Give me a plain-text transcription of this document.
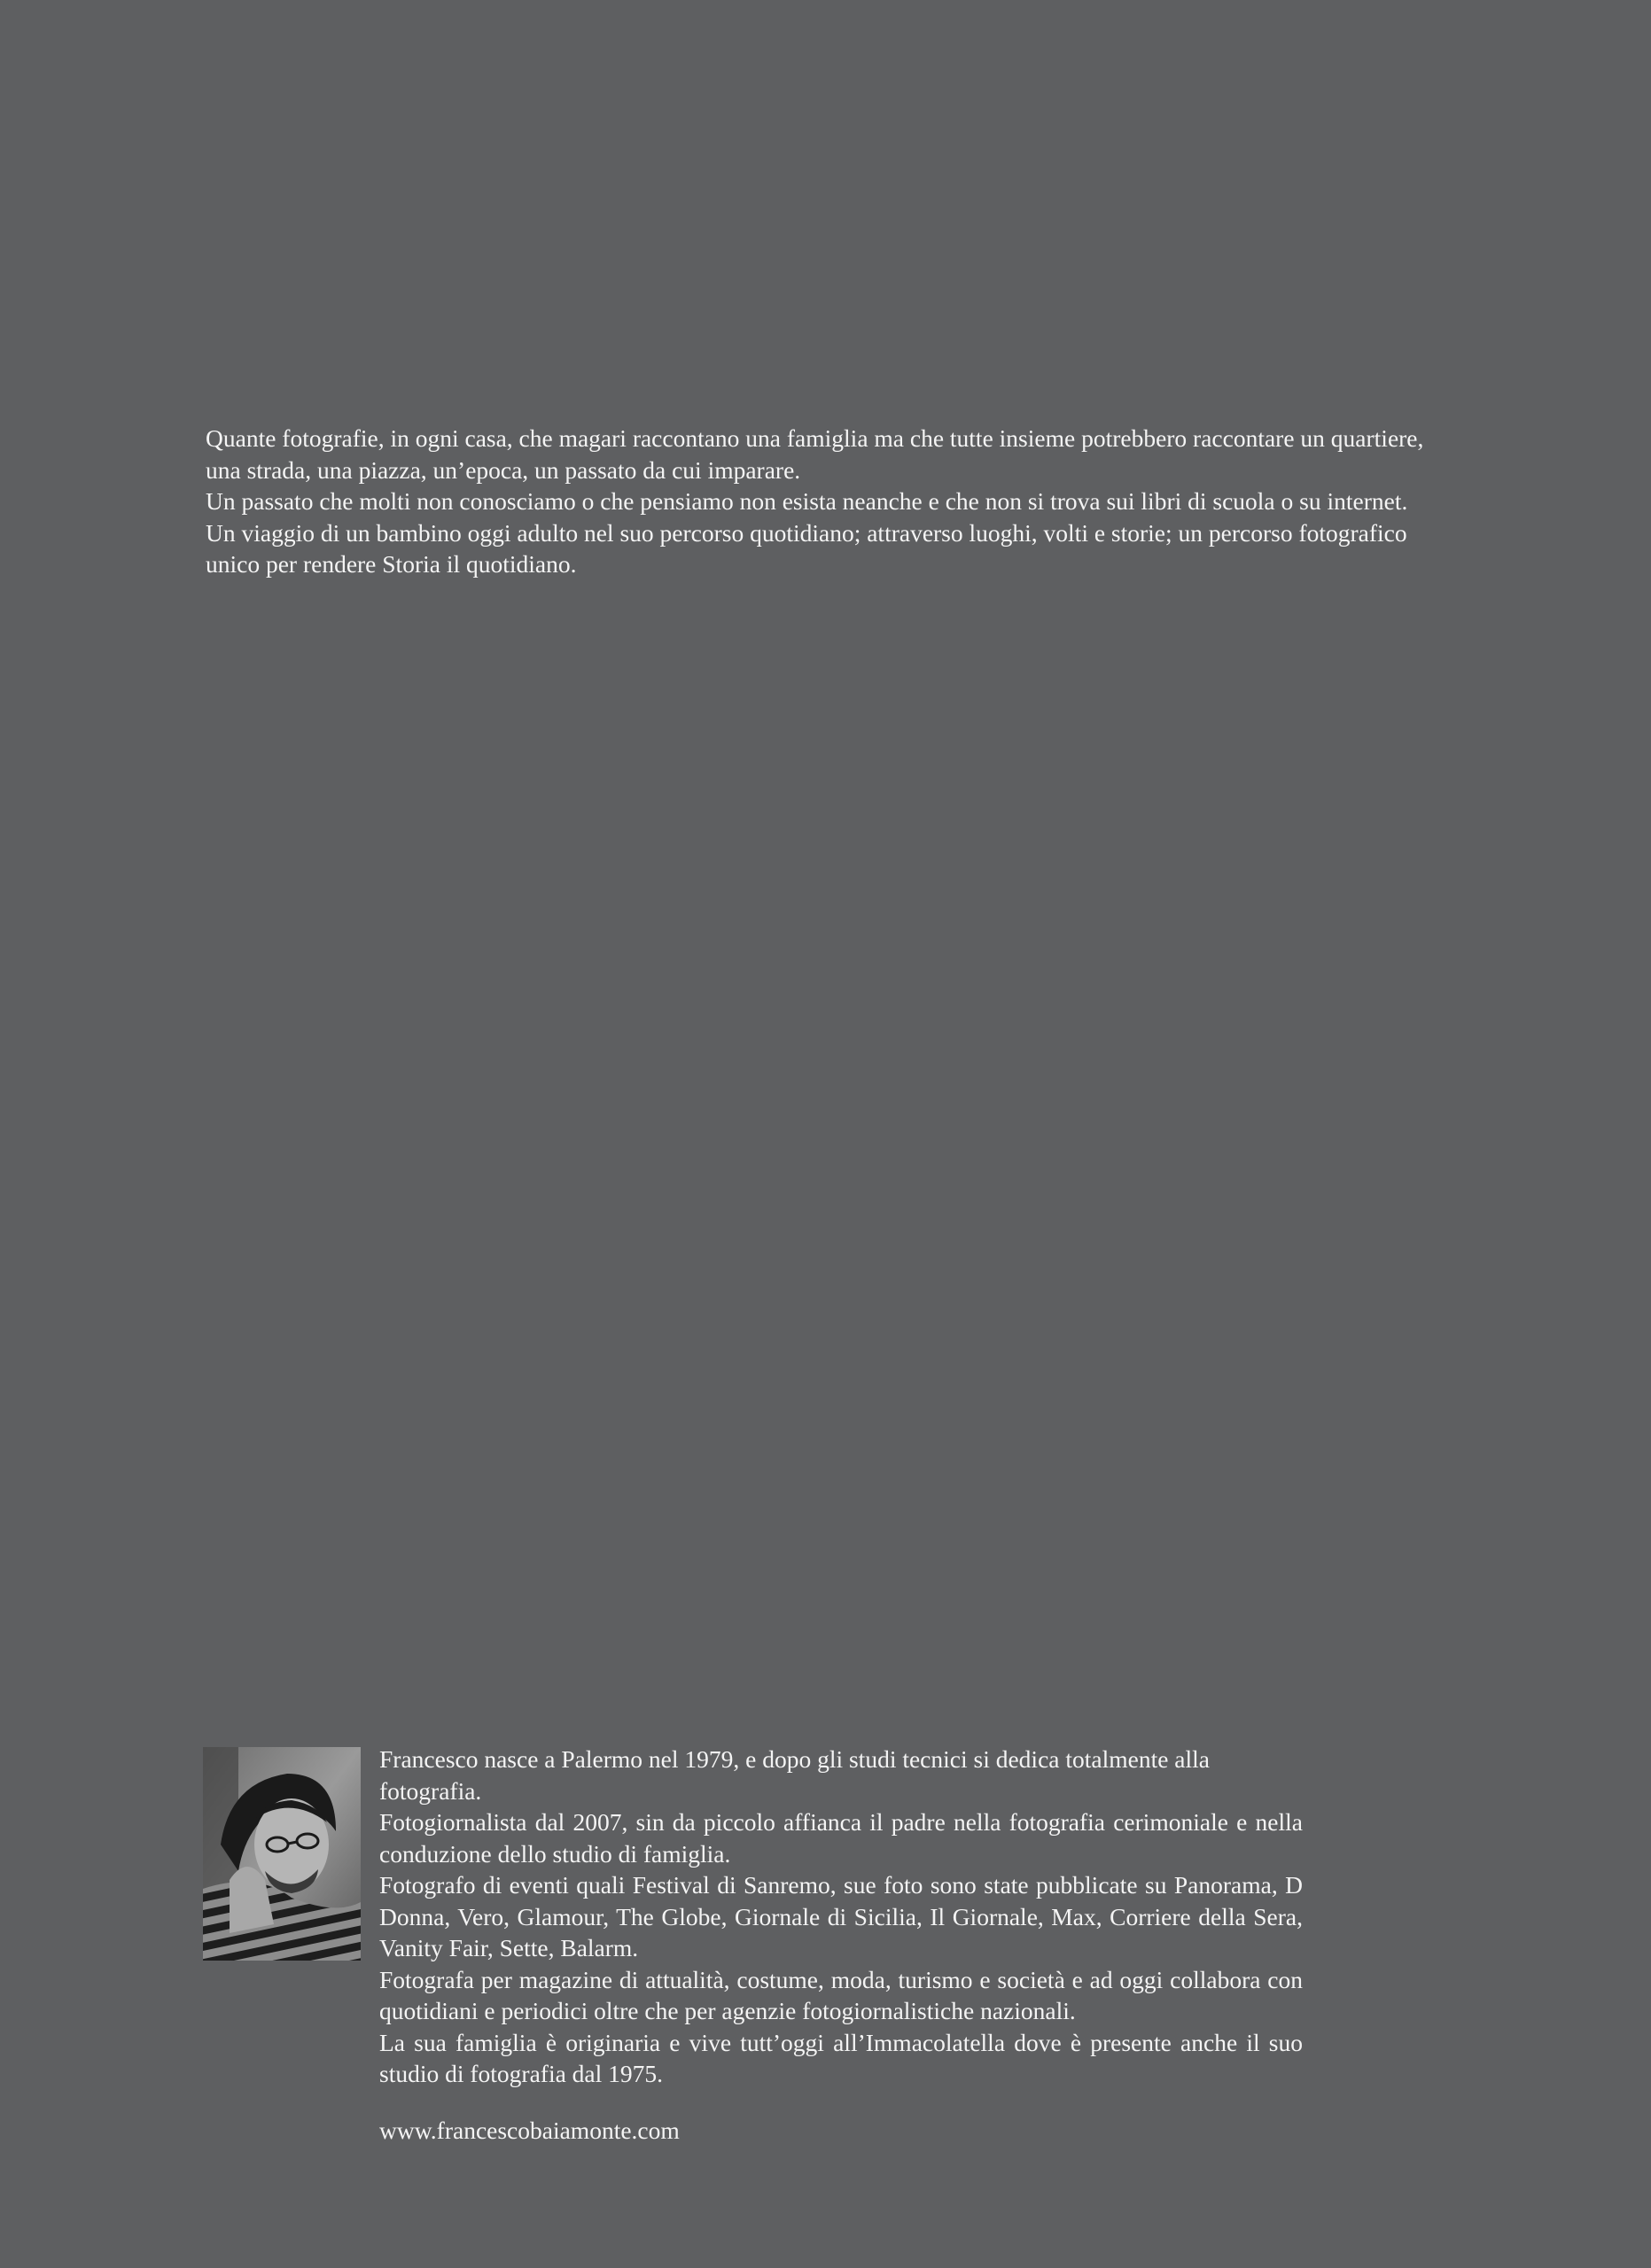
Quante fotografie, in ogni casa, che magari raccontano una famiglia ma che tutte insieme potrebbero raccontare un quartiere, una strada, una piazza, un’epoca, un passato da cui imparare.

Un passato che molti non conosciamo o che pensiamo non esista neanche e che non si trova sui libri di scuola o su internet.

Un viaggio di un bambino oggi adulto nel suo percorso quotidiano; attraverso luoghi, volti e storie; un percorso fotografico unico per rendere Storia il quotidiano.

Francesco nasce a Palermo nel 1979, e dopo gli studi tecnici si dedica totalmente alla fotografia.

Fotogiornalista dal 2007, sin da piccolo affianca il padre nella fotografia cerimoniale e nella conduzione dello studio di famiglia.

Fotografo di eventi quali Festival di Sanremo, sue foto sono state pubblicate su Panorama, D Donna, Vero, Glamour, The Globe, Giornale di Sicilia, Il Giornale, Max, Corriere della Sera, Vanity Fair, Sette, Balarm.

Fotografa per magazine di attualità, costume, moda, turismo e società e ad oggi collabora con quotidiani e periodici oltre che per agenzie fotogiornalistiche nazionali.

La sua famiglia è originaria e vive tutt’oggi all’Immacolatella dove è presente anche il suo studio di fotografia dal 1975.

www.francescobaiamonte.com
